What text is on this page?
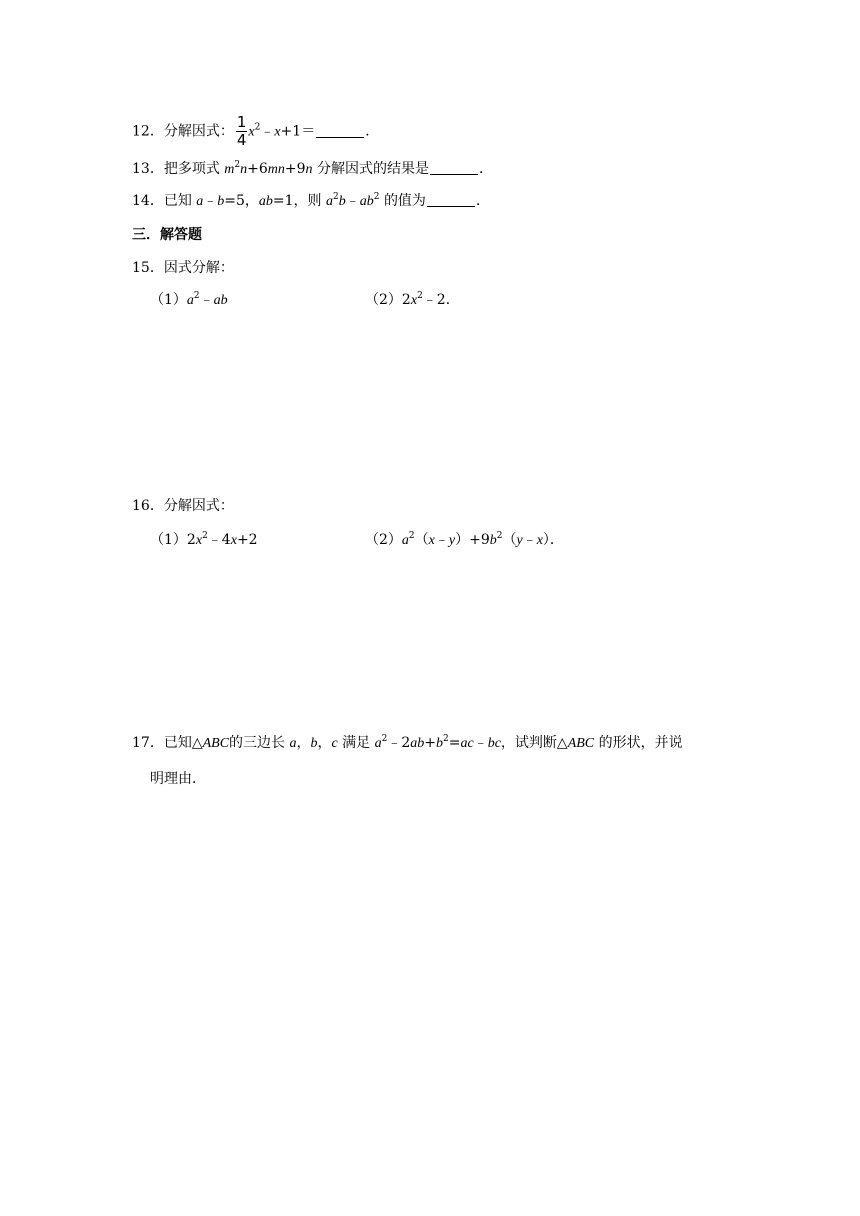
12．分解因式： $\frac{1}{4}$ $x^2﹣x+1=$	．
13．把多项式 $m^2n+6mn+9n$ 分解因式的结果是	．
14．已知 a﹣b=5，ab=1，则 $a^2b﹣ab^2$ 的值为	．
三．解答题
15．因式分解：
$(1)a^2﹣ab$	$(2)2x^2﹣2$．
16．分解因式：
$(1)2x^2﹣4x+2$	$(2)a^2(x﹣y)+9b^2(y﹣x)$．
17．已知△ABC的三边长 a，b，c 满足 $a^2﹣2ab+b^2=ac﹣bc$，试判断△ABC 的形状，并说
明理由．
